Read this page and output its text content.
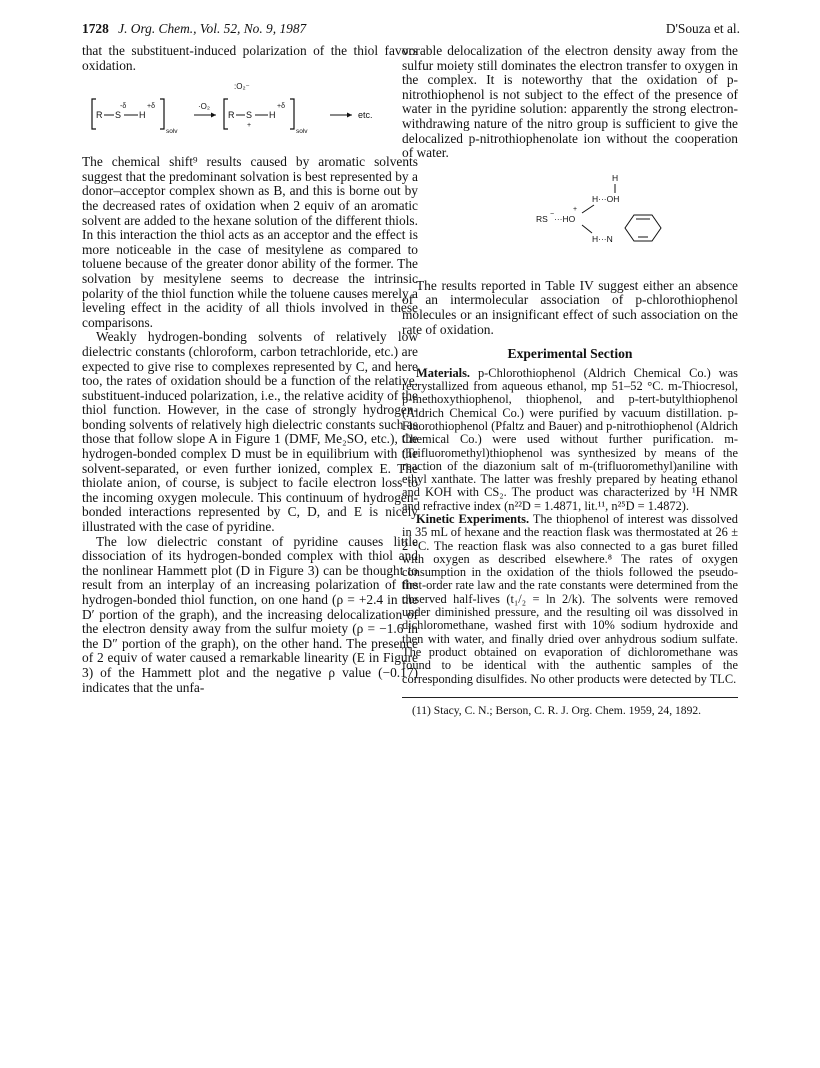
1728 J. Org. Chem., Vol. 52, No. 9, 1987	D'Souza et al.

that the substituent-induced polarization of the thiol favors oxidation.

R S
-δ
H
+δ
solv
·O₂
:O₂⁻
R S
+
H
+δ
solv
etc.

The chemical shift⁹ results caused by aromatic solvents suggest that the predominant solvation is best represented by a donor–acceptor complex shown as B, and this is borne out by the decreased rates of oxidation when 2 equiv of an aromatic solvent are added to the hexane solution of the different thiols. In this interaction the thiol acts as an acceptor and the effect is more noticeable in the case of mesitylene as compared to toluene because of the greater donor ability of the former. The solvation by mesitylene seems to decrease the intrinsic polarity of the thiol function while the toluene causes merely a leveling effect in the acidity of all thiols involved in these comparisons.

Weakly hydrogen-bonding solvents of relatively low dielectric constants (chloroform, carbon tetrachloride, etc.) are expected to give rise to complexes represented by C, and here too, the rates of oxidation should be a function of the relative, substituent-induced polarization, i.e., the relative acidity of the thiol function. However, in the case of strongly hydrogen-bonding solvents of relatively high dielectric constants such as those that follow slope A in Figure 1 (DMF, Me₂SO, etc.), the hydrogen-bonded complex D must be in equilibrium with the solvent-separated, or even further ionized, complex E. The thiolate anion, of course, is subject to facile electron loss to the incoming oxygen molecule. This continuum of hydrogen-bonded interactions represented by C, D, and E is nicely illustrated with the case of pyridine.

The low dielectric constant of pyridine causes little dissociation of its hydrogen-bonded complex with thiol and the nonlinear Hammett plot (D in Figure 3) can be thought to result from an interplay of an increasing polarization of the hydrogen-bonded thiol function, on one hand (ρ = +2.4 in the D′ portion of the graph), and the increasing delocalization of the electron density away from the sulfur moiety (ρ = −1.6 in the D″ portion of the graph), on the other hand. The presence of 2 equiv of water caused a remarkable linearity (E in Figure 3) of the Hammett plot and the negative ρ value (−0.17) indicates that the unfa-

vorable delocalization of the electron density away from the sulfur moiety still dominates the electron transfer to oxygen in the complex. It is noteworthy that the oxidation of p-nitrothiophenol is not subject to the effect of the presence of water in the pyridine solution: apparently the strong electron-withdrawing nature of the nitro group is sufficient to give the delocalized p-nitrothiophenolate ion without the cooperation of water.

H
H···OH
+
RS − ···HO
H···N

The results reported in Table IV suggest either an absence of an intermolecular association of p-chlorothiophenol molecules or an insignificant effect of such association on the rate of oxidation.

Experimental Section

Materials. p-Chlorothiophenol (Aldrich Chemical Co.) was recrystallized from aqueous ethanol, mp 51–52 °C. m-Thiocresol, p-methoxythiophenol, thiophenol, and p-tert-butylthiophenol (Aldrich Chemical Co.) were purified by vacuum distillation. p-Fluorothiophenol (Pfaltz and Bauer) and p-nitrothiophenol (Aldrich Chemical Co.) were used without further purification. m-(Trifluoromethyl)thiophenol was synthesized by means of the reaction of the diazonium salt of m-(trifluoromethyl)aniline with ethyl xanthate. The latter was freshly prepared by heating ethanol and KOH with CS₂. The product was characterized by ¹H NMR and refractive index (n²²D = 1.4871, lit.¹¹, n²⁵D = 1.4872).

Kinetic Experiments. The thiophenol of interest was dissolved in 35 mL of hexane and the reaction flask was thermostated at 26 ± 2 °C. The reaction flask was also connected to a gas buret filled with oxygen as described elsewhere.⁸ The rates of oxygen consumption in the oxidation of the thiols followed the pseudo-first-order rate law and the rate constants were determined from the observed half-lives (t₁/₂ = ln 2/k). The solvents were removed under diminished pressure, and the resulting oil was dissolved in dichloromethane, washed first with 10% sodium hydroxide and then with water, and finally dried over anhydrous sodium sulfate. The product obtained on evaporation of dichloromethane was found to be identical with the authentic samples of the corresponding disulfides. No other products were detected by TLC.

(11) Stacy, C. N.; Berson, C. R. J. Org. Chem. 1959, 24, 1892.
